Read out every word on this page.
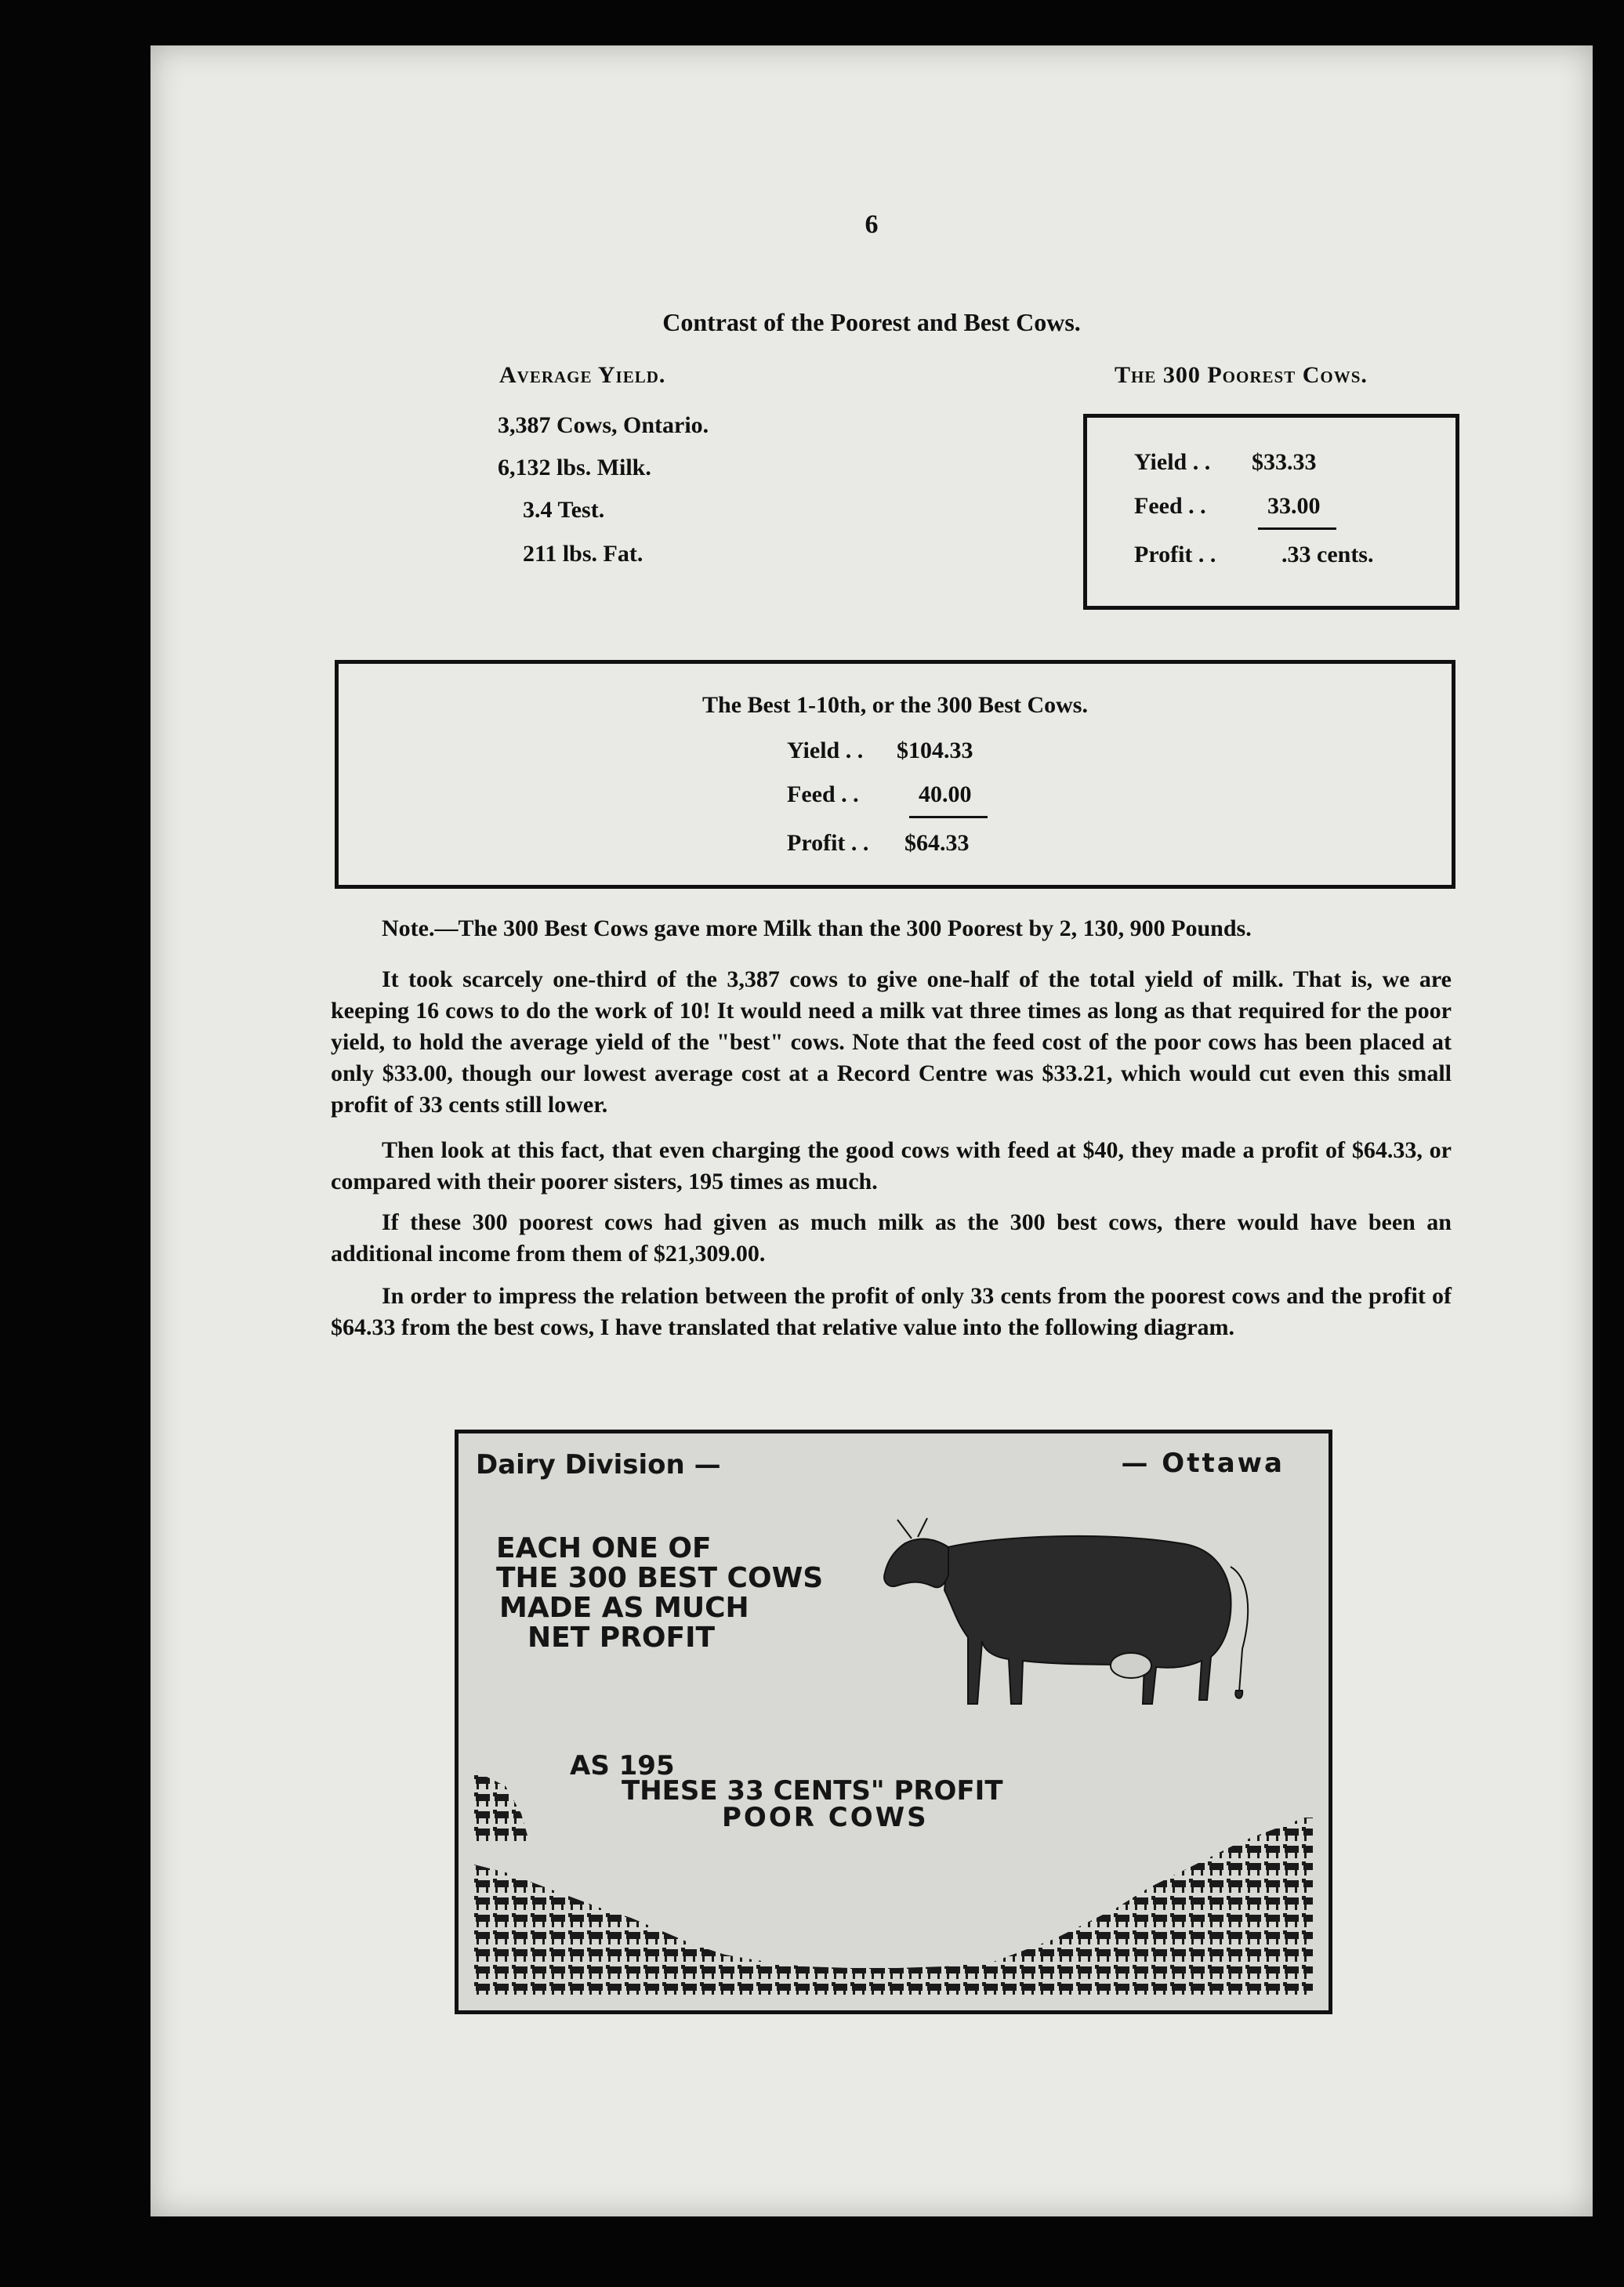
6
Contrast of the Poorest and Best Cows.
Average Yield.
3,387 Cows, Ontario.
6,132 lbs. Milk.
3.4 Test.
211 lbs. Fat.
The 300 Poorest Cows.
Yield . . $33.33
Feed . .	33.00
Profit . .	.33 cents.
The Best 1-10th, or the 300 Best Cows.
Yield . . $104.33
Feed . .	40.00
Profit . . $64.33
Note.—The 300 Best Cows gave more Milk than the 300 Poorest by 2, 130, 900 Pounds.

It took scarcely one-third of the 3,387 cows to give one-half of the total yield of milk. That is, we are keeping 16 cows to do the work of 10! It would need a milk vat three times as long as that required for the poor yield, to hold the average yield of the "best" cows. Note that the feed cost of the poor cows has been placed at only $33.00, though our lowest average cost at a Record Centre was $33.21, which would cut even this small profit of 33 cents still lower.

Then look at this fact, that even charging the good cows with feed at $40, they made a profit of $64.33, or compared with their poorer sisters, 195 times as much.

If these 300 poorest cows had given as much milk as the 300 best cows, there would have been an additional income from them of $21,309.00.

In order to impress the relation between the profit of only 33 cents from the poorest cows and the profit of $64.33 from the best cows, I have translated that relative value into the following diagram.

Dairy Division —	— Ottawa
EACH ONE OF
THE 300 BEST COWS
MADE AS MUCH
NET PROFIT
AS 195
THESE 33 CENTS" PROFIT
POOR COWS
